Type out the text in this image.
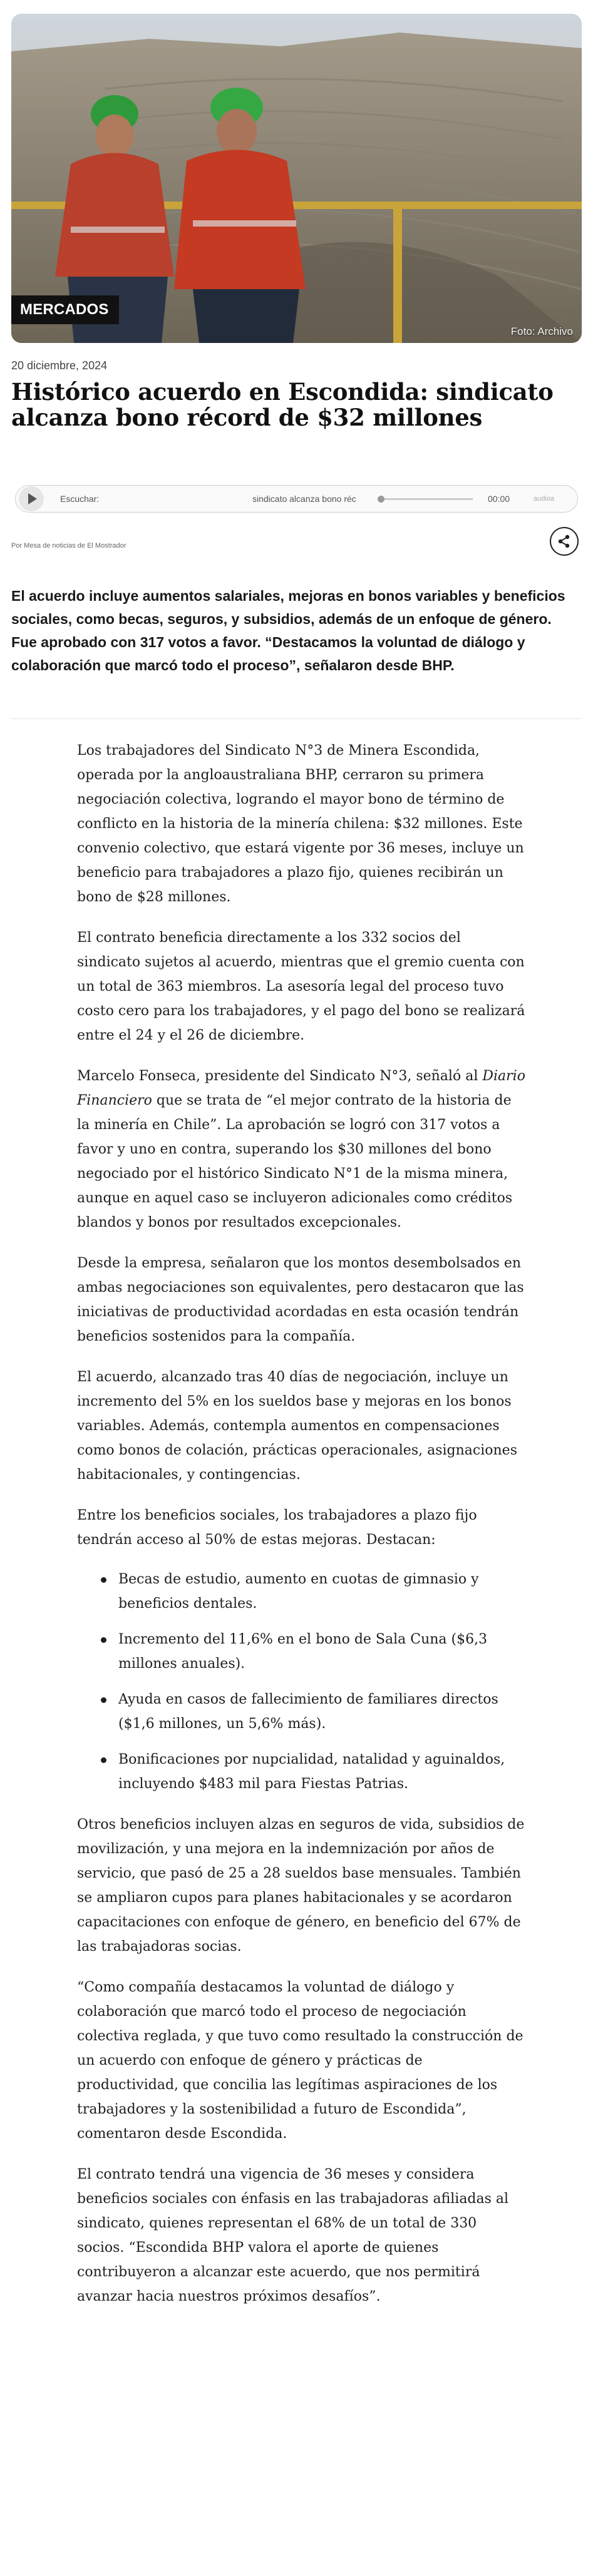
MERCADOS
Foto: Archivo
20 diciembre, 2024
Histórico acuerdo en Escondida: sindicato alcanza bono récord de $32 millones
Escuchar:	sindicato alcanza bono réc	00:00	audioa
Por Mesa de noticias de El Mostrador

El acuerdo incluye aumentos salariales, mejoras en bonos variables y beneficios sociales, como becas, seguros, y subsidios, además de un enfoque de género. Fue aprobado con 317 votos a favor. “Destacamos la voluntad de diálogo y colaboración que marcó todo el proceso”, señalaron desde BHP.

Los trabajadores del Sindicato N°3 de Minera Escondida, operada por la angloaustraliana BHP, cerraron su primera negociación colectiva, logrando el mayor bono de término de conflicto en la historia de la minería chilena: $32 millones. Este convenio colectivo, que estará vigente por 36 meses, incluye un beneficio para trabajadores a plazo fijo, quienes recibirán un bono de $28 millones.

El contrato beneficia directamente a los 332 socios del sindicato sujetos al acuerdo, mientras que el gremio cuenta con un total de 363 miembros. La asesoría legal del proceso tuvo costo cero para los trabajadores, y el pago del bono se realizará entre el 24 y el 26 de diciembre.

Marcelo Fonseca, presidente del Sindicato N°3, señaló al Diario Financiero que se trata de “el mejor contrato de la historia de la minería en Chile”. La aprobación se logró con 317 votos a favor y uno en contra, superando los $30 millones del bono negociado por el histórico Sindicato N°1 de la misma minera, aunque en aquel caso se incluyeron adicionales como créditos blandos y bonos por resultados excepcionales.

Desde la empresa, señalaron que los montos desembolsados en ambas negociaciones son equivalentes, pero destacaron que las iniciativas de productividad acordadas en esta ocasión tendrán beneficios sostenidos para la compañía.

El acuerdo, alcanzado tras 40 días de negociación, incluye un incremento del 5% en los sueldos base y mejoras en los bonos variables. Además, contempla aumentos en compensaciones como bonos de colación, prácticas operacionales, asignaciones habitacionales, y contingencias.

Entre los beneficios sociales, los trabajadores a plazo fijo tendrán acceso al 50% de estas mejoras. Destacan:

Becas de estudio, aumento en cuotas de gimnasio y beneficios dentales.
Incremento del 11,6% en el bono de Sala Cuna ($6,3 millones anuales).
Ayuda en casos de fallecimiento de familiares directos ($1,6 millones, un 5,6% más).
Bonificaciones por nupcialidad, natalidad y aguinaldos, incluyendo $483 mil para Fiestas Patrias.

Otros beneficios incluyen alzas en seguros de vida, subsidios de movilización, y una mejora en la indemnización por años de servicio, que pasó de 25 a 28 sueldos base mensuales. También se ampliaron cupos para planes habitacionales y se acordaron capacitaciones con enfoque de género, en beneficio del 67% de las trabajadoras socias.

“Como compañía destacamos la voluntad de diálogo y colaboración que marcó todo el proceso de negociación colectiva reglada, y que tuvo como resultado la construcción de un acuerdo con enfoque de género y prácticas de productividad, que concilia las legítimas aspiraciones de los trabajadores y la sostenibilidad a futuro de Escondida”, comentaron desde Escondida.

El contrato tendrá una vigencia de 36 meses y considera beneficios sociales con énfasis en las trabajadoras afiliadas al sindicato, quienes representan el 68% de un total de 330 socios. “Escondida BHP valora el aporte de quienes contribuyeron a alcanzar este acuerdo, que nos permitirá avanzar hacia nuestros próximos desafíos”.
